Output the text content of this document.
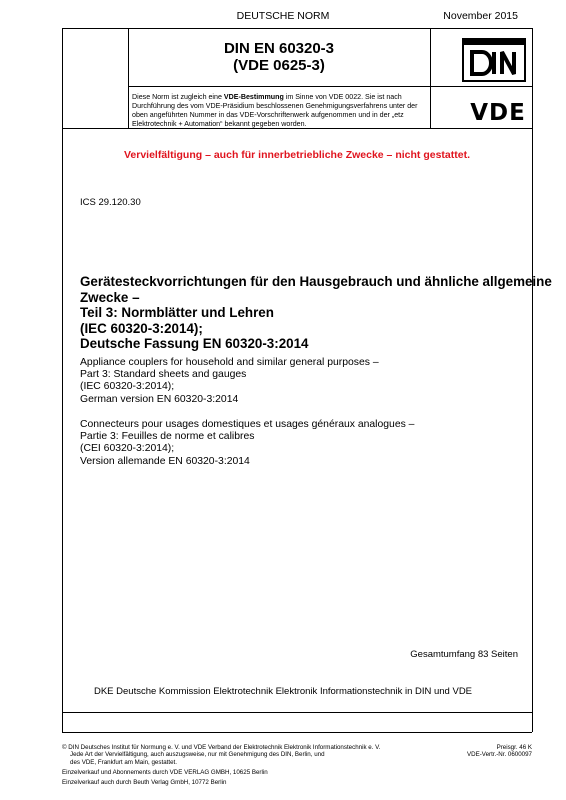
DEUTSCHE NORM	November 2015
DIN EN 60320-3
(VDE 0625-3)
Diese Norm ist zugleich eine VDE-Bestimmung im Sinne von VDE 0022. Sie ist nach Durchführung des vom VDE-Präsidium beschlossenen Genehmigungsverfahrens unter der oben angeführten Nummer in das VDE-Vorschriftenwerk aufgenommen und in der „etz Elektrotechnik + Automation“ bekannt gegeben worden.	VDE
Vervielfältigung – auch für innerbetriebliche Zwecke – nicht gestattet.
ICS 29.120.30
Gerätesteckvorrichtungen für den Hausgebrauch und ähnliche allgemeine
Zwecke –
Teil 3: Normblätter und Lehren
(IEC 60320-3:2014);
Deutsche Fassung EN 60320-3:2014
Appliance couplers for household and similar general purposes –
Part 3: Standard sheets and gauges
(IEC 60320-3:2014);
German version EN 60320-3:2014
Connecteurs pour usages domestiques et usages généraux analogues –
Partie 3: Feuilles de norme et calibres
(CEI 60320-3:2014);
Version allemande EN 60320-3:2014
Gesamtumfang 83 Seiten
DKE Deutsche Kommission Elektrotechnik Elektronik Informationstechnik in DIN und VDE
© DIN Deutsches Institut für Normung e. V. und VDE Verband der Elektrotechnik Elektronik Informationstechnik e. V.
Jede Art der Vervielfältigung, auch auszugsweise, nur mit Genehmigung des DIN, Berlin, und
des VDE, Frankfurt am Main, gestattet.
Preisgr. 46 K
VDE-Vertr.-Nr. 0600097
Einzelverkauf und Abonnements durch VDE VERLAG GMBH, 10625 Berlin
Einzelverkauf auch durch Beuth Verlag GmbH, 10772 Berlin
